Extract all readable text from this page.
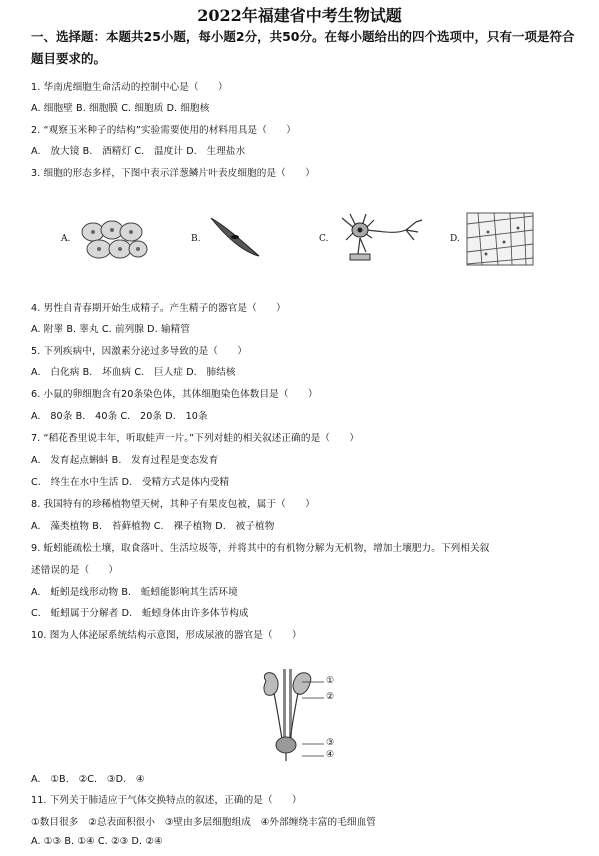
2022年福建省中考生物试题
一、选择题：本题共25小题，每小题2分，共50分。在每小题给出的四个选项中，只有一项是符合题目要求的。
1. 华南虎细胞生命活动的控制中心是（　　）
A. 细胞壁 B. 细胞膜 C. 细胞质 D. 细胞核
2. “观察玉米种子的结构”实验需要使用的材料用具是（　　）
A.　放大镜 B.　酒精灯 C.　温度计 D.　生理盐水
3. 细胞的形态多样，下图中表示洋葱鳞片叶表皮细胞的是（　　）
A.	B.	C.	D.
4. 男性自青春期开始生成精子。产生精子的器官是（　　）
A. 附睾 B. 睾丸 C. 前列腺 D. 输精管
5. 下列疾病中，因激素分泌过多导致的是（　　）
A.　白化病 B.　坏血病 C.　巨人症 D.　肺结核
6. 小鼠的卵细胞含有20条染色体，其体细胞染色体数目是（　　）
A.　80条 B.　40条 C.　20条 D.　10条
7. “稻花香里说丰年，听取蛙声一片。”下列对蛙的相关叙述正确的是（　　）
A.　发育起点蝌蚪 B.　发育过程是变态发育
C.　终生在水中生活 D.　受精方式是体内受精
8. 我国特有的珍稀植物望天树，其种子有果皮包被，属于（　　）
A.　藻类植物 B.　苔藓植物 C.　裸子植物 D.　被子植物
9. 蚯蚓能疏松土壤，取食落叶、生活垃圾等，并将其中的有机物分解为无机物，增加土壤肥力。下列相关叙
述错误的是（　　）
A.　蚯蚓是线形动物 B.　蚯蚓能影响其生活环境
C.　蚯蚓属于分解者 D.　蚯蚓身体由许多体节构成
10. 图为人体泌尿系统结构示意图，形成尿液的器官是（　　）
①
②
③
④
A.　①B.　②C.　③D.　④
11. 下列关于肺适应于气体交换特点的叙述，正确的是（　　）
①数目很多　②总表面积很小　③壁由多层细胞组成　④外部缠绕丰富的毛细血管
A. ①③ B. ①④ C. ②③ D. ②④
